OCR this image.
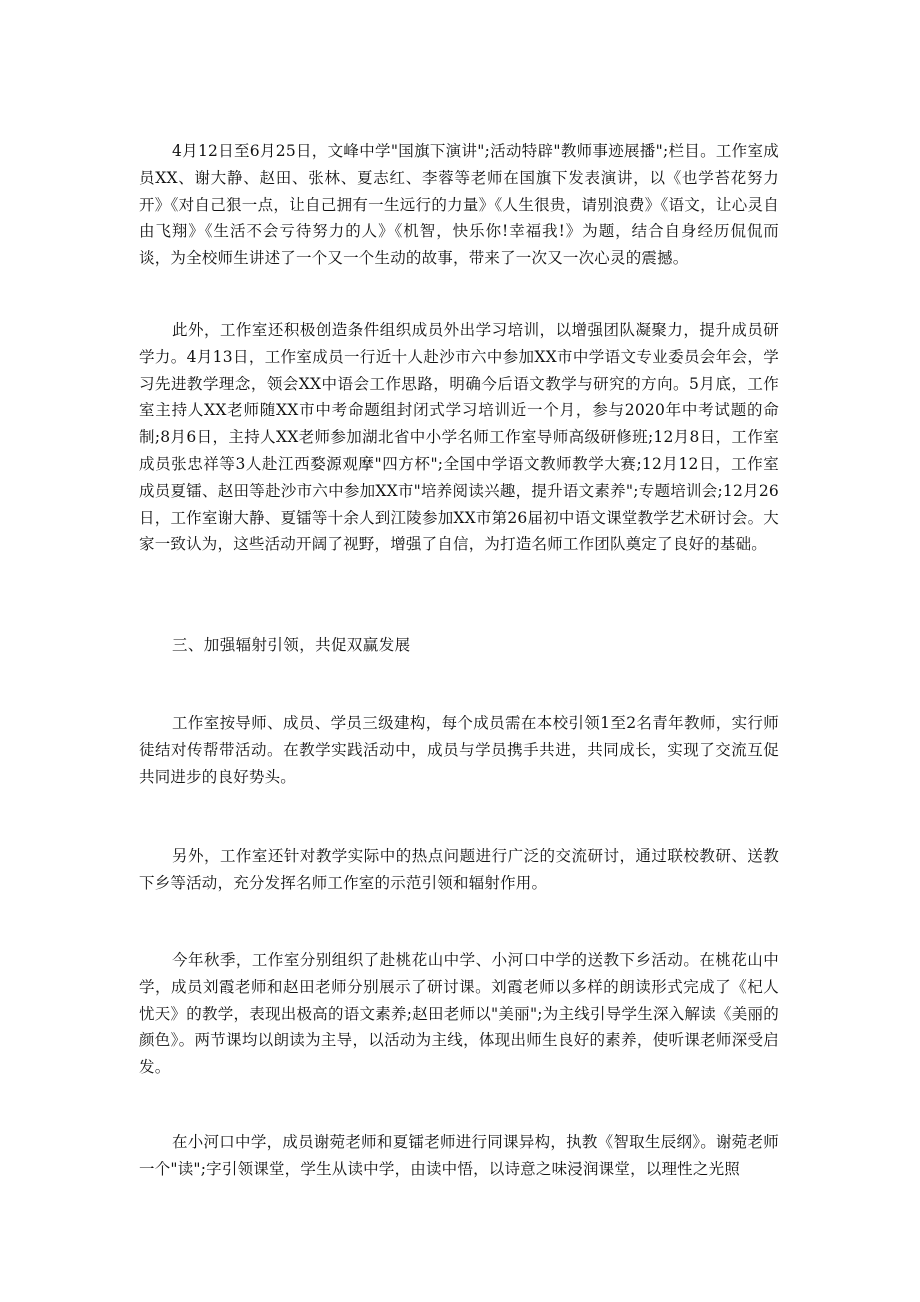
4月12日至6月25日，文峰中学"国旗下演讲";活动特辟"教师事迹展播";栏目。工作室成员XX、谢大静、赵田、张林、夏志红、李蓉等老师在国旗下发表演讲，以《也学苔花努力开》《对自己狠一点，让自己拥有一生远行的力量》《人生很贵，请别浪费》《语文，让心灵自由飞翔》《生活不会亏待努力的人》《机智，快乐你!幸福我!》为题，结合自身经历侃侃而谈，为全校师生讲述了一个又一个生动的故事，带来了一次又一次心灵的震撼。

此外，工作室还积极创造条件组织成员外出学习培训，以增强团队凝聚力，提升成员研学力。4月13日，工作室成员一行近十人赴沙市六中参加XX市中学语文专业委员会年会，学习先进教学理念，领会XX中语会工作思路，明确今后语文教学与研究的方向。5月底，工作室主持人XX老师随XX市中考命题组封闭式学习培训近一个月，参与2020年中考试题的命制;8月6日，主持人XX老师参加湖北省中小学名师工作室导师高级研修班;12月8日，工作室成员张忠祥等3人赴江西婺源观摩"四方杯";全国中学语文教师教学大赛;12月12日，工作室成员夏镭、赵田等赴沙市六中参加XX市"培养阅读兴趣，提升语文素养";专题培训会;12月26日，工作室谢大静、夏镭等十余人到江陵参加XX市第26届初中语文课堂教学艺术研讨会。大家一致认为，这些活动开阔了视野，增强了自信，为打造名师工作团队奠定了良好的基础。

三、加强辐射引领，共促双赢发展

工作室按导师、成员、学员三级建构，每个成员需在本校引领1至2名青年教师，实行师徒结对传帮带活动。在教学实践活动中，成员与学员携手共进，共同成长，实现了交流互促共同进步的良好势头。

另外，工作室还针对教学实际中的热点问题进行广泛的交流研讨，通过联校教研、送教下乡等活动，充分发挥名师工作室的示范引领和辐射作用。

今年秋季，工作室分别组织了赴桃花山中学、小河口中学的送教下乡活动。在桃花山中学，成员刘霞老师和赵田老师分别展示了研讨课。刘霞老师以多样的朗读形式完成了《杞人忧天》的教学，表现出极高的语文素养;赵田老师以"美丽";为主线引导学生深入解读《美丽的颜色》。两节课均以朗读为主导，以活动为主线，体现出师生良好的素养，使听课老师深受启发。

在小河口中学，成员谢菀老师和夏镭老师进行同课异构，执教《智取生辰纲》。谢菀老师一个"读";字引领课堂，学生从读中学，由读中悟，以诗意之味浸润课堂，以理性之光照
